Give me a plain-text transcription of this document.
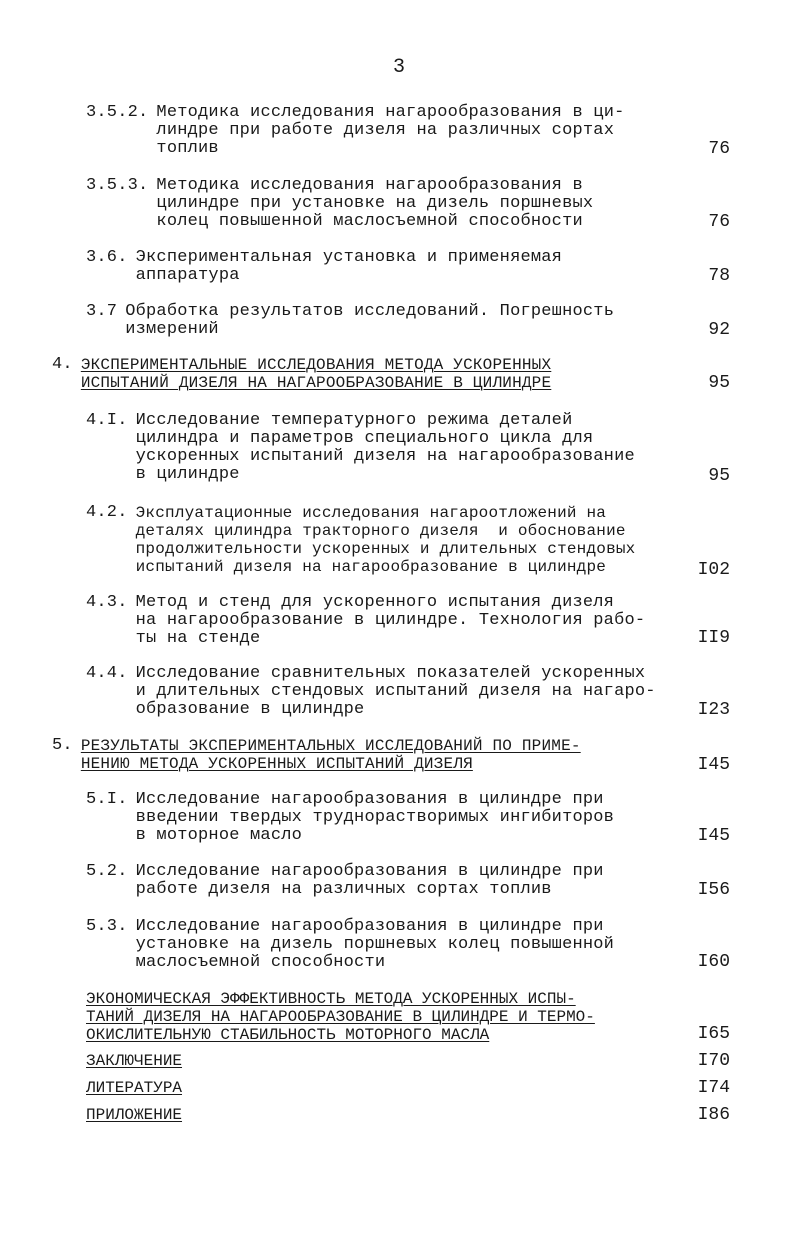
3
3.5.2. Методика исследования нагарообразования в ци-
линдре при работе дизеля на различных сортах
топлив	76
3.5.3. Методика исследования нагарообразования в
цилиндре при установке на дизель поршневых
колец повышенной маслосъемной способности	76
3.6. Экспериментальная установка и применяемая
аппаратура	78
3.7 Обработка результатов исследований. Погрешность
измерений	92
4. ЭКСПЕРИМЕНТАЛЬНЫЕ ИССЛЕДОВАНИЯ МЕТОДА УСКОРЕННЫХ
ИСПЫТАНИЙ ДИЗЕЛЯ НА НАГАРООБРАЗОВАНИЕ В ЦИЛИНДРЕ	95
4.I. Исследование температурного режима деталей
цилиндра и параметров специального цикла для
ускоренных испытаний дизеля на нагарообразование
в цилиндре	95
4.2. Эксплуатационные исследования нагароотложений на
деталях цилиндра тракторного дизеля  и обоснование
продолжительности ускоренных и длительных стендовых
испытаний дизеля на нагарообразование в цилиндре	I02
4.3. Метод и стенд для ускоренного испытания дизеля
на нагарообразование в цилиндре. Технология рабо-
ты на стенде	II9
4.4. Исследование сравнительных показателей ускоренных
и длительных стендовых испытаний дизеля на нагаро-
образование в цилиндре	I23
5. РЕЗУЛЬТАТЫ ЭКСПЕРИМЕНТАЛЬНЫХ ИССЛЕДОВАНИЙ ПО ПРИМЕ-
НЕНИЮ МЕТОДА УСКОРЕННЫХ ИСПЫТАНИЙ ДИЗЕЛЯ	I45
5.I. Исследование нагарообразования в цилиндре при
введении твердых труднорастворимых ингибиторов
в моторное масло	I45
5.2. Исследование нагарообразования в цилиндре при
работе дизеля на различных сортах топлив	I56
5.3. Исследование нагарообразования в цилиндре при
установке на дизель поршневых колец повышенной
маслосъемной способности	I60
ЭКОНОМИЧЕСКАЯ ЭФФЕКТИВНОСТЬ МЕТОДА УСКОРЕННЫХ ИСПЫ-
ТАНИЙ ДИЗЕЛЯ НА НАГАРООБРАЗОВАНИЕ В ЦИЛИНДРЕ И ТЕРМО-
ОКИСЛИТЕЛЬНУЮ СТАБИЛЬНОСТЬ МОТОРНОГО МАСЛА	I65
ЗАКЛЮЧЕНИЕ	I70
ЛИТЕРАТУРА	I74
ПРИЛОЖЕНИЕ	I86
